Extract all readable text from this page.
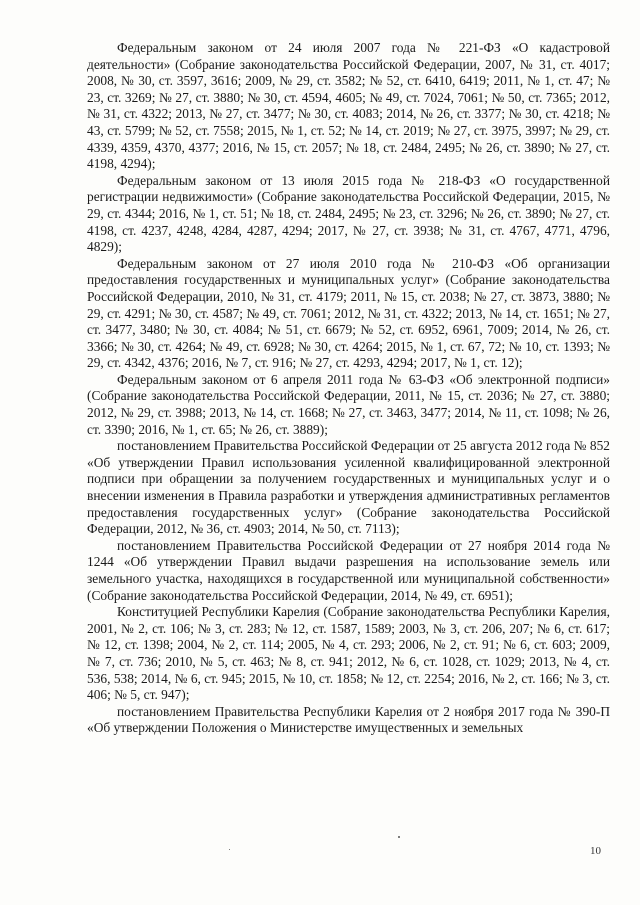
Федеральным законом от 24 июля 2007 года № 221-ФЗ «О кадастровой деятельности» (Собрание законодательства Российской Федерации, 2007, № 31, ст. 4017; 2008, № 30, ст. 3597, 3616; 2009, № 29, ст. 3582; № 52, ст. 6410, 6419; 2011, № 1, ст. 47; № 23, ст. 3269; № 27, ст. 3880; № 30, ст. 4594, 4605; № 49, ст. 7024, 7061; № 50, ст. 7365; 2012, № 31, ст. 4322; 2013, № 27, ст. 3477; № 30, ст. 4083; 2014, № 26, ст. 3377; № 30, ст. 4218; № 43, ст. 5799; № 52, ст. 7558; 2015, № 1, ст. 52; № 14, ст. 2019; № 27, ст. 3975, 3997; № 29, ст. 4339, 4359, 4370, 4377; 2016, № 15, ст. 2057; № 18, ст. 2484, 2495; № 26, ст. 3890; № 27, ст. 4198, 4294);

Федеральным законом от 13 июля 2015 года № 218-ФЗ «О государственной регистрации недвижимости» (Собрание законодательства Российской Федерации, 2015, № 29, ст. 4344; 2016, № 1, ст. 51; № 18, ст. 2484, 2495; № 23, ст. 3296; № 26, ст. 3890; № 27, ст. 4198, ст. 4237, 4248, 4284, 4287, 4294; 2017, № 27, ст. 3938; № 31, ст. 4767, 4771, 4796, 4829);

Федеральным законом от 27 июля 2010 года № 210-ФЗ «Об организации предоставления государственных и муниципальных услуг» (Собрание законодательства Российской Федерации, 2010, № 31, ст. 4179; 2011, № 15, ст. 2038; № 27, ст. 3873, 3880; № 29, ст. 4291; № 30, ст. 4587; № 49, ст. 7061; 2012, № 31, ст. 4322; 2013, № 14, ст. 1651; № 27, ст. 3477, 3480; № 30, ст. 4084; № 51, ст. 6679; № 52, ст. 6952, 6961, 7009; 2014, № 26, ст. 3366; № 30, ст. 4264; № 49, ст. 6928; № 30, ст. 4264; 2015, № 1, ст. 67, 72; № 10, ст. 1393; № 29, ст. 4342, 4376; 2016, № 7, ст. 916; № 27, ст. 4293, 4294; 2017, № 1, ст. 12);

Федеральным законом от 6 апреля 2011 года № 63-ФЗ «Об электронной подписи» (Собрание законодательства Российской Федерации, 2011, № 15, ст. 2036; № 27, ст. 3880; 2012, № 29, ст. 3988; 2013, № 14, ст. 1668; № 27, ст. 3463, 3477; 2014, № 11, ст. 1098; № 26, ст. 3390; 2016, № 1, ст. 65; № 26, ст. 3889);

постановлением Правительства Российской Федерации от 25 августа 2012 года № 852 «Об утверждении Правил использования усиленной квалифицированной электронной подписи при обращении за получением государственных и муниципальных услуг и о внесении изменения в Правила разработки и утверждения административных регламентов предоставления государственных услуг» (Собрание законодательства Российской Федерации, 2012, № 36, ст. 4903; 2014, № 50, ст. 7113);

постановлением Правительства Российской Федерации от 27 ноября 2014 года № 1244 «Об утверждении Правил выдачи разрешения на использование земель или земельного участка, находящихся в государственной или муниципальной собственности» (Собрание законодательства Российской Федерации, 2014, № 49, ст. 6951);

Конституцией Республики Карелия (Собрание законодательства Республики Карелия, 2001, № 2, ст. 106; № 3, ст. 283; № 12, ст. 1587, 1589; 2003, № 3, ст. 206, 207; № 6, ст. 617; № 12, ст. 1398; 2004, № 2, ст. 114; 2005, № 4, ст. 293; 2006, № 2, ст. 91; № 6, ст. 603; 2009, № 7, ст. 736; 2010, № 5, ст. 463; № 8, ст. 941; 2012, № 6, ст. 1028, ст. 1029; 2013, № 4, ст. 536, 538; 2014, № 6, ст. 945; 2015, № 10, ст. 1858; № 12, ст. 2254; 2016, № 2, ст. 166; № 3, ст. 406; № 5, ст. 947);

постановлением Правительства Республики Карелия от 2 ноября 2017 года № 390-П «Об утверждении Положения о Министерстве имущественных и земельных

10
